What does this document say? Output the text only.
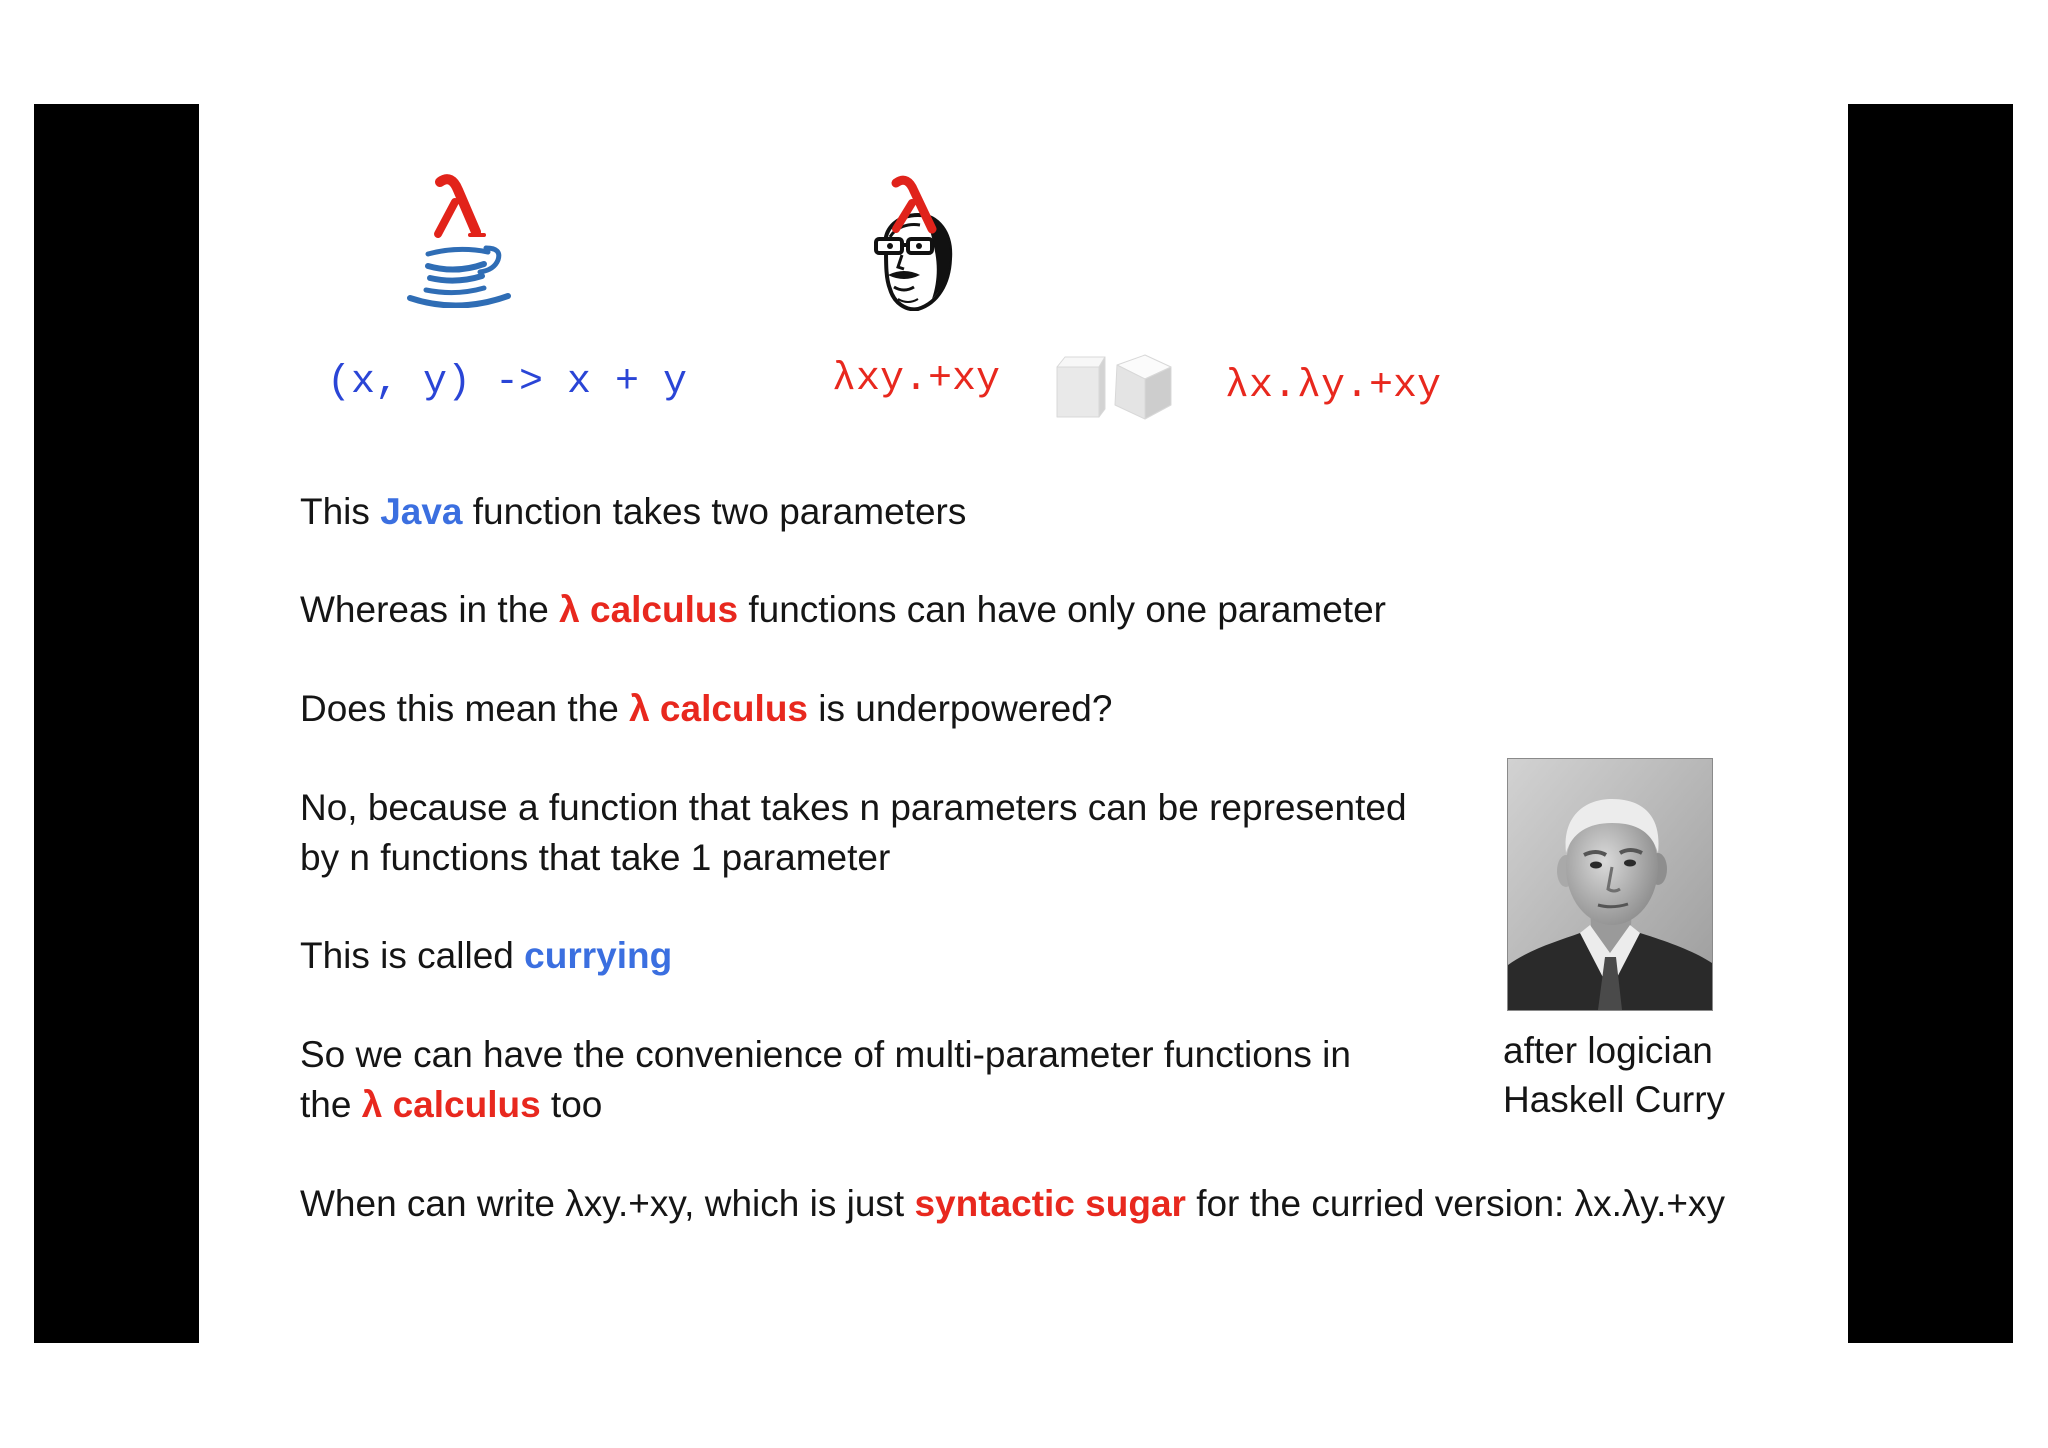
(x, y) -> x + y	λxy.+xy	λx.λy.+xy
This Java function takes two parameters
Whereas in the λ calculus functions can have only one parameter
Does this mean the λ calculus is underpowered?
No, because a function that takes n parameters can be represented
by n functions that take 1 parameter
This is called currying
So we can have the convenience of multi-parameter functions in
the λ calculus too
When can write λxy.+xy, which is just syntactic sugar for the curried version: λx.λy.+xy
after logician
Haskell Curry
